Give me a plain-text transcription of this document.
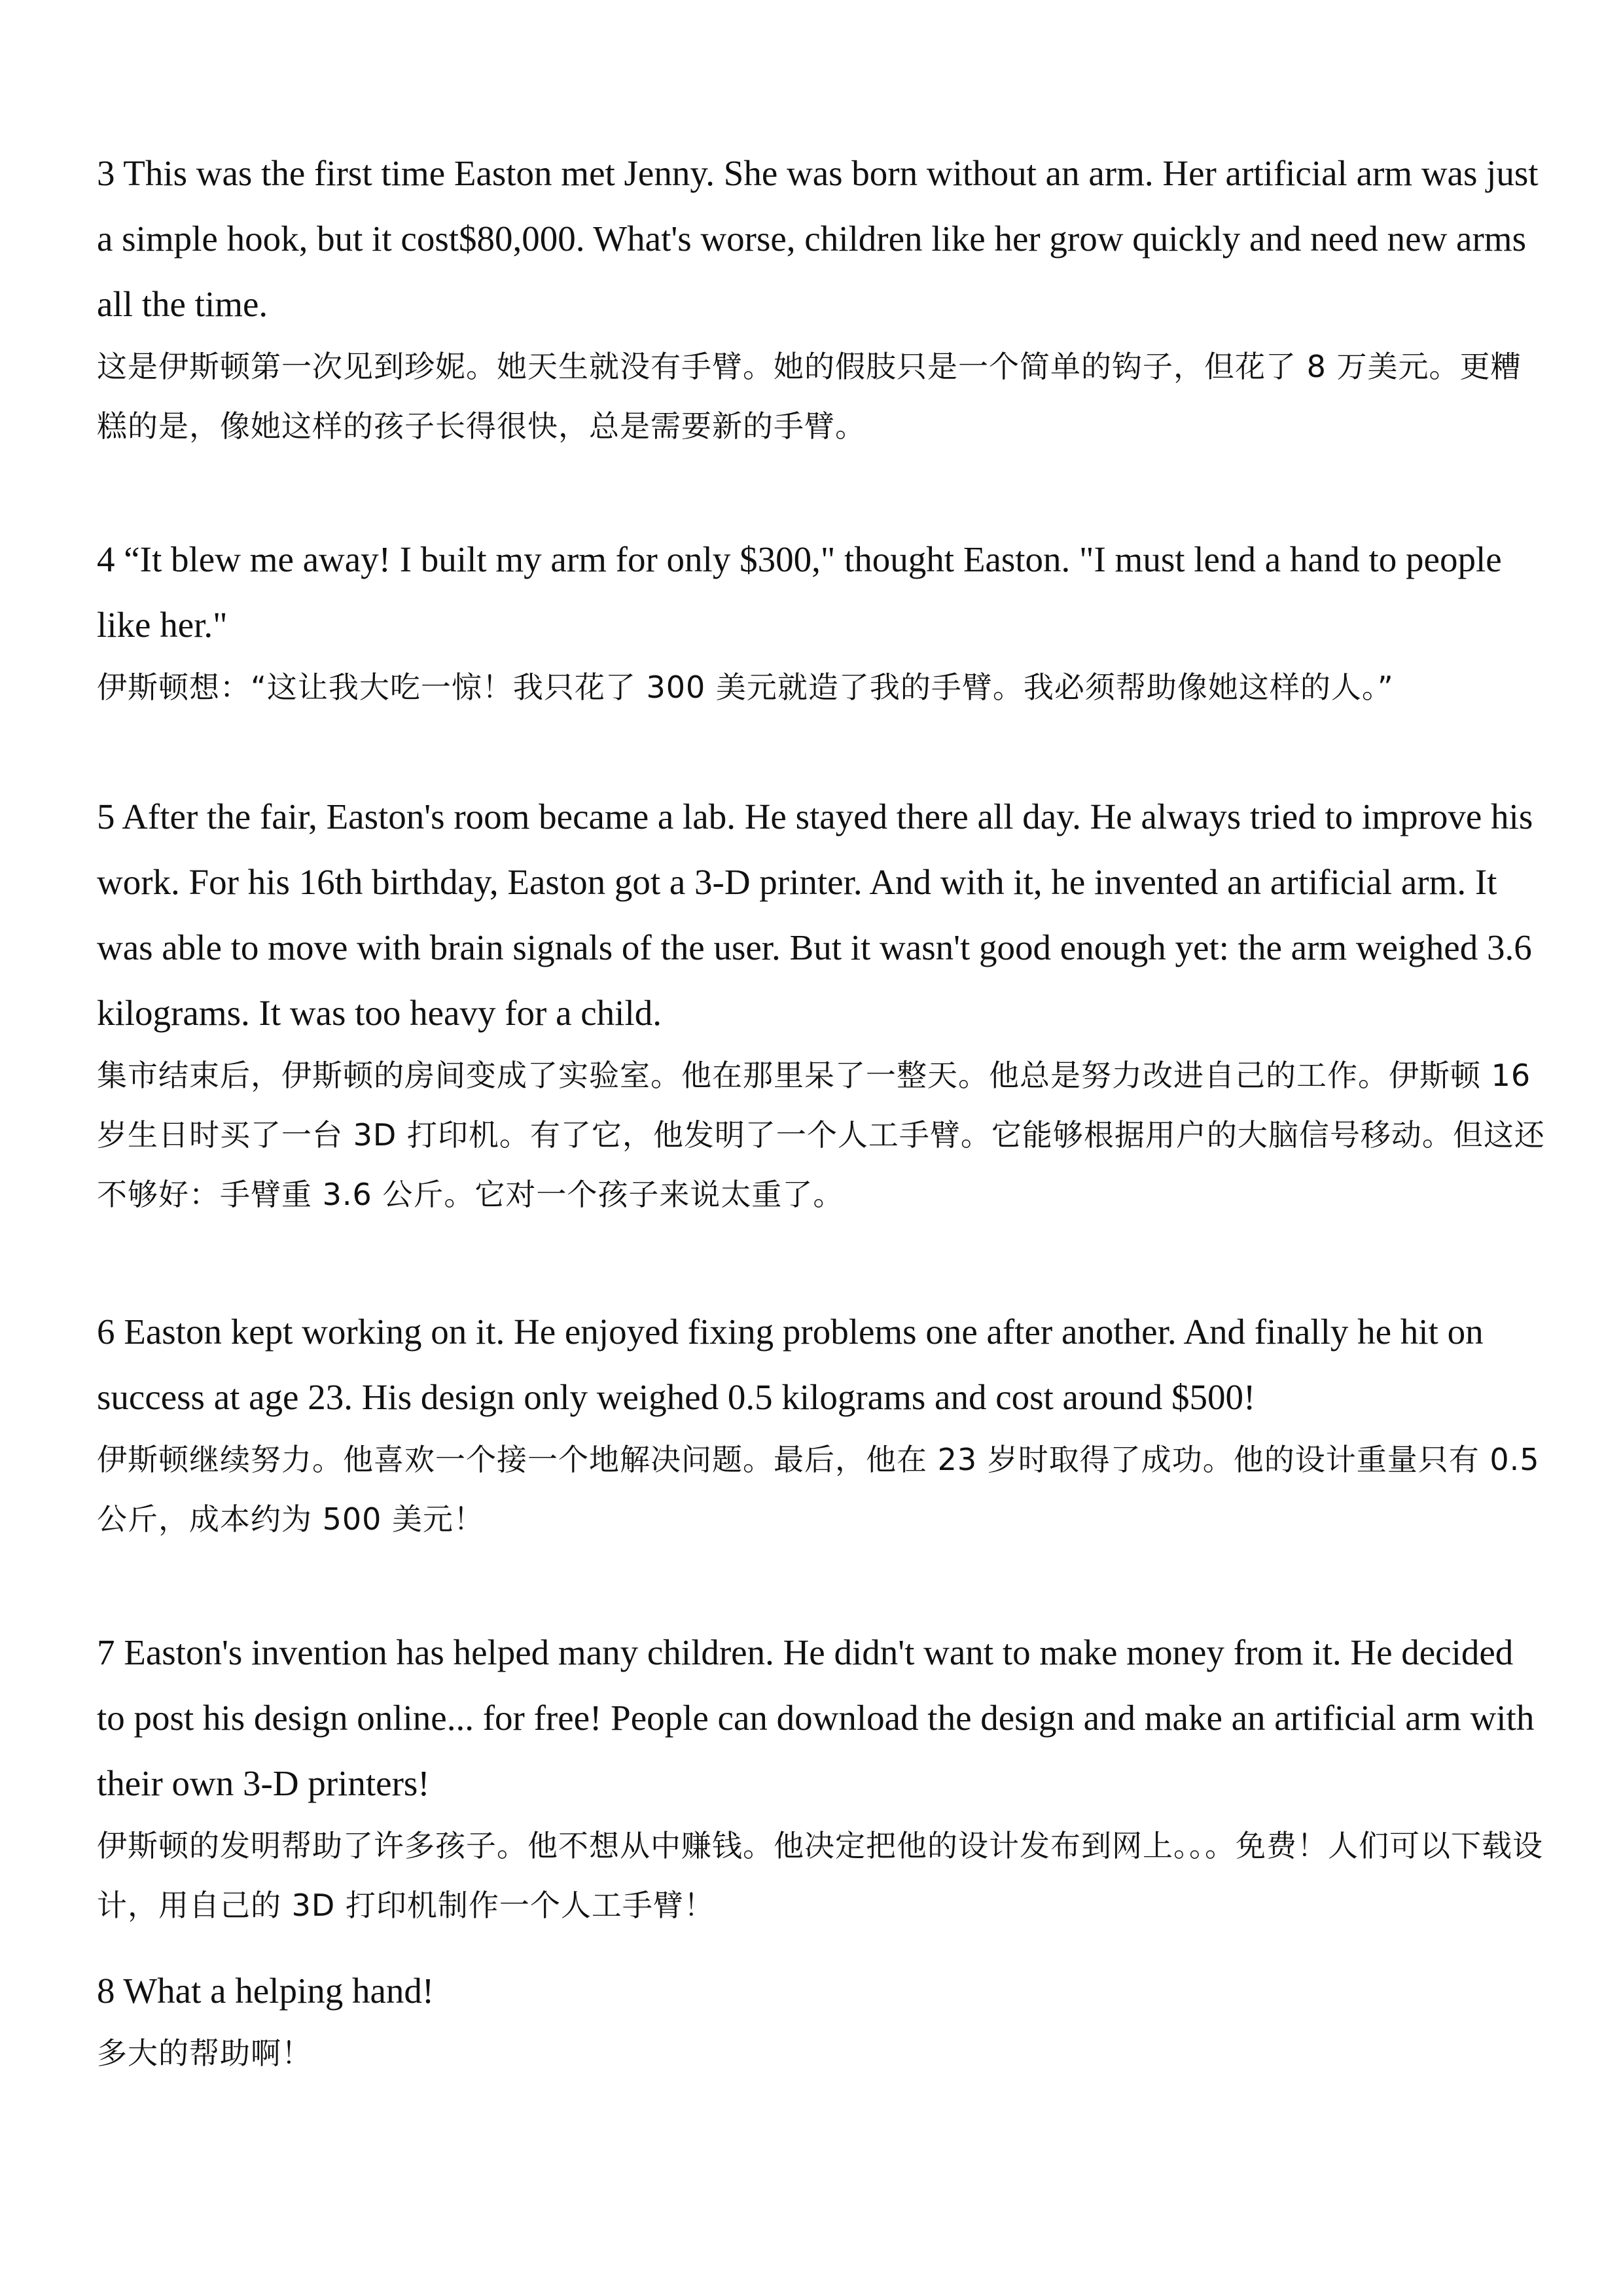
3 This was the first time Easton met Jenny. She was born without an arm. Her artificial arm was just a simple hook, but it cost$80,000. What's worse, children like her grow quickly and need new arms all the time.

这是伊斯顿第一次见到珍妮。她天生就没有手臂。她的假肢只是一个简单的钩子，但花了 8 万美元。更糟糕的是，像她这样的孩子长得很快，总是需要新的手臂。

4 “It blew me away! I built my arm for only $300," thought Easton. "I must lend a hand to people like her."

伊斯顿想：“这让我大吃一惊！我只花了 300 美元就造了我的手臂。我必须帮助像她这样的人。”

5 After the fair, Easton's room became a lab. He stayed there all day. He always tried to improve his work. For his 16th birthday, Easton got a 3-D printer. And with it, he invented an artificial arm. It was able to move with brain signals of the user. But it wasn't good enough yet: the arm weighed 3.6 kilograms. It was too heavy for a child.

集市结束后，伊斯顿的房间变成了实验室。他在那里呆了一整天。他总是努力改进自己的工作。伊斯顿 16 岁生日时买了一台 3D 打印机。有了它，他发明了一个人工手臂。它能够根据用户的大脑信号移动。但这还不够好：手臂重 3.6 公斤。它对一个孩子来说太重了。

6 Easton kept working on it. He enjoyed fixing problems one after another. And finally he hit on success at age 23. His design only weighed 0.5 kilograms and cost around $500!

伊斯顿继续努力。他喜欢一个接一个地解决问题。最后，他在 23 岁时取得了成功。他的设计重量只有 0.5 公斤，成本约为 500 美元！

7 Easton's invention has helped many children. He didn't want to make money from it. He decided to post his design online... for free! People can download the design and make an artificial arm with their own 3-D printers!

伊斯顿的发明帮助了许多孩子。他不想从中赚钱。他决定把他的设计发布到网上。。。免费！人们可以下载设计，用自己的 3D 打印机制作一个人工手臂！

8 What a helping hand!

多大的帮助啊！
